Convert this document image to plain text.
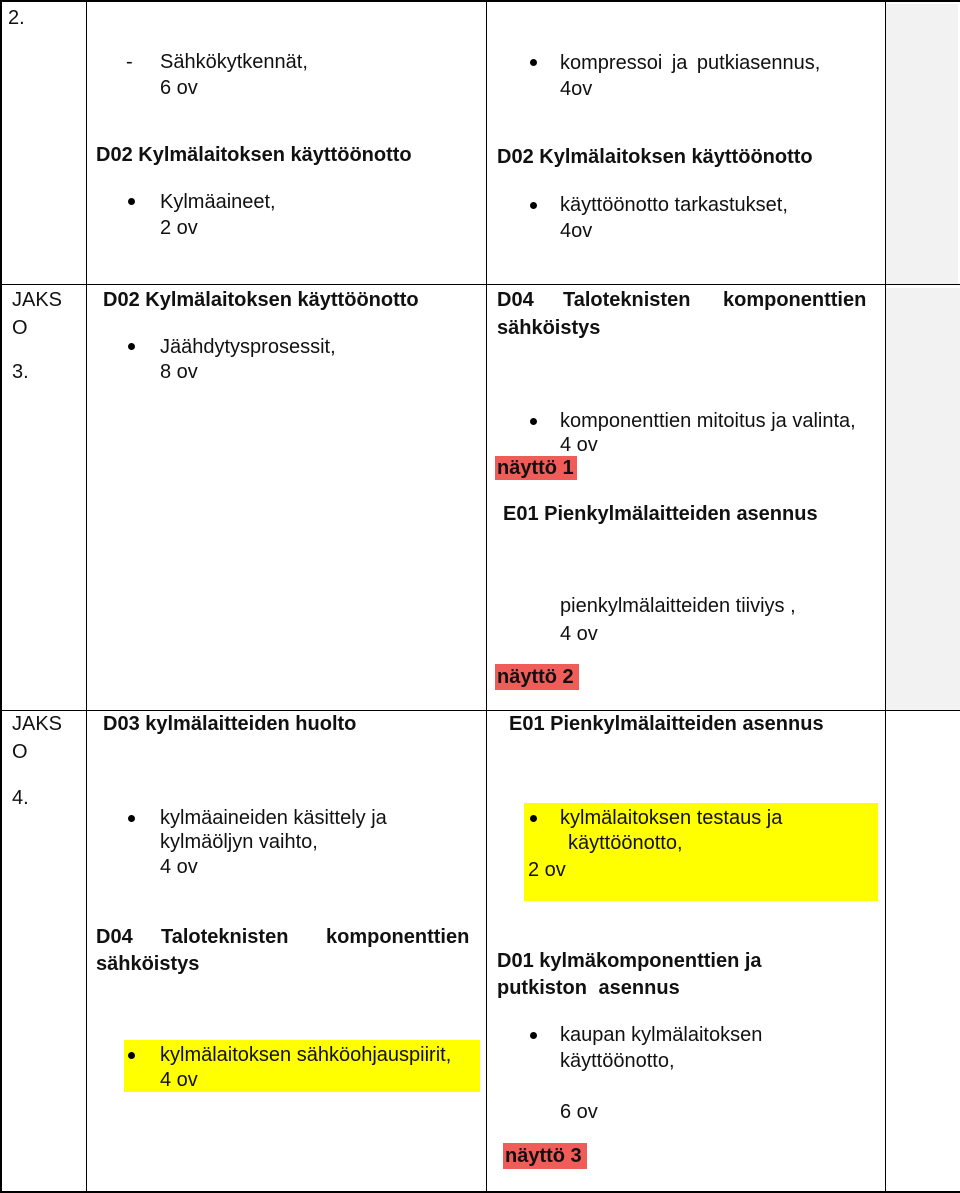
2.
- Sähkökytkennät,
6 ov
kompressoi ja putkiasennus,
4ov
D02 Kylmälaitoksen käyttöönotto
Kylmäaineet,
2 ov
D02 Kylmälaitoksen käyttöönotto
käyttöönotto tarkastukset,
4ov
JAKS
O
3.
D02 Kylmälaitoksen käyttöönotto
Jäähdytysprosessit,
8 ov
D04 Taloteknisten komponenttien
sähköistys
komponenttien mitoitus ja valinta,
4 ov
näyttö 1
E01 Pienkylmälaitteiden asennus
pienkylmälaitteiden tiiviys ,
4 ov
näyttö 2
JAKS
O
4.
D03 kylmälaitteiden huolto
kylmäaineiden käsittely ja
kylmäöljyn vaihto,
4 ov
D04 Taloteknisten komponenttien
sähköistys
kylmälaitoksen sähköohjauspiirit,
4 ov
E01 Pienkylmälaitteiden asennus
kylmälaitoksen testaus ja
käyttöönotto,
2 ov
D01 kylmäkomponenttien ja
putkiston asennus
kaupan kylmälaitoksen
käyttöönotto,
6 ov
näyttö 3
